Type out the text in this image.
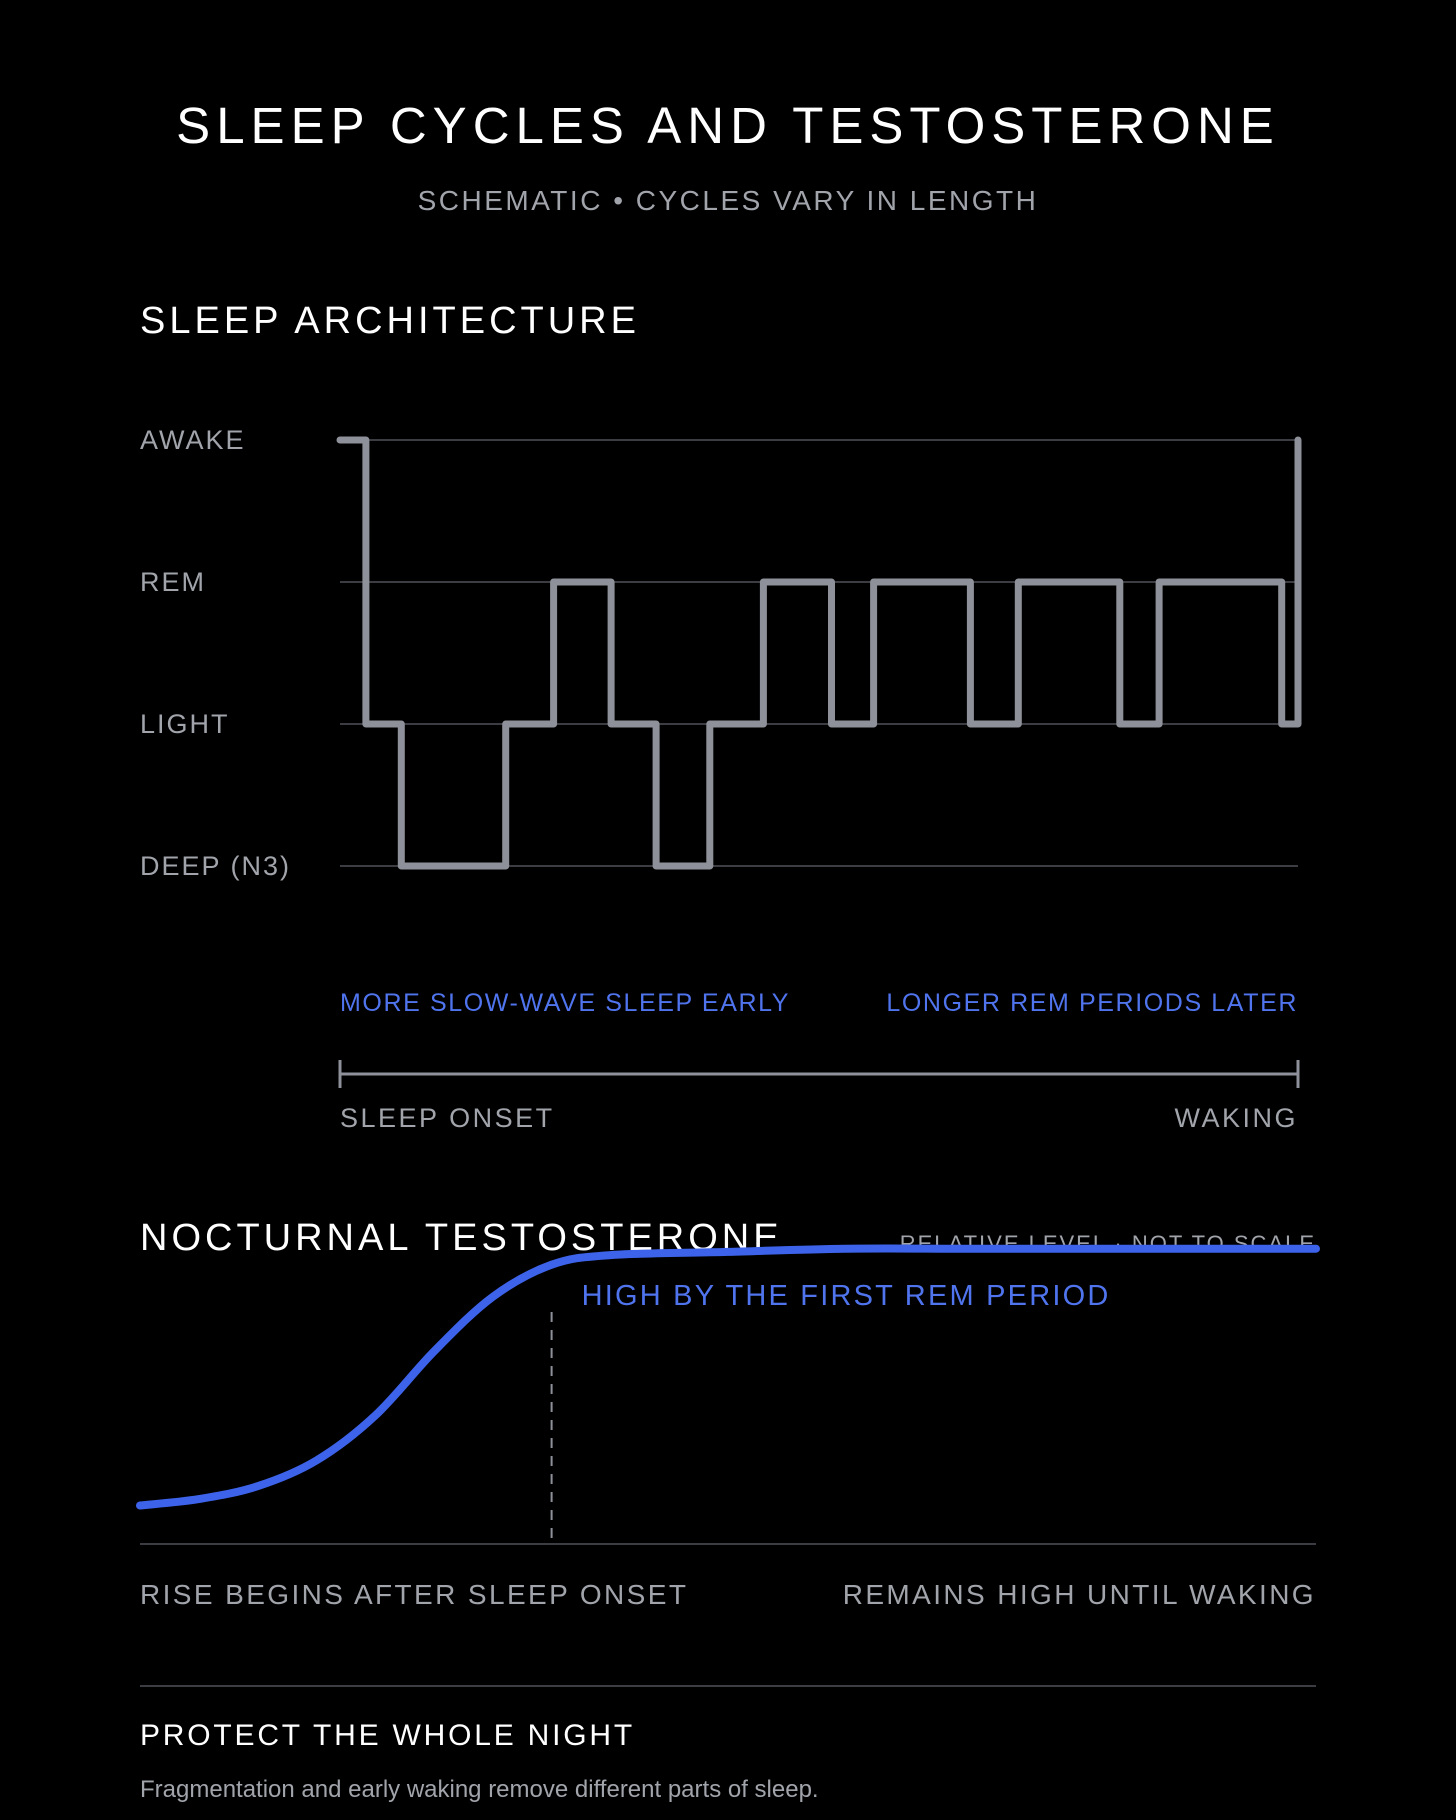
SLEEP CYCLES AND TESTOSTERONE
SCHEMATIC • CYCLES VARY IN LENGTH
SLEEP ARCHITECTURE
DEEP (N3)
LIGHT
REM
AWAKE
MORE SLOW-WAVE SLEEP EARLY	LONGER REM PERIODS LATER
SLEEP ONSET	WAKING
NOCTURNAL TESTOSTERONE	RELATIVE LEVEL · NOT TO SCALE
HIGH BY THE FIRST REM PERIOD
RISE BEGINS AFTER SLEEP ONSET	REMAINS HIGH UNTIL WAKING
PROTECT THE WHOLE NIGHT
Fragmentation and early waking remove different parts of sleep.
